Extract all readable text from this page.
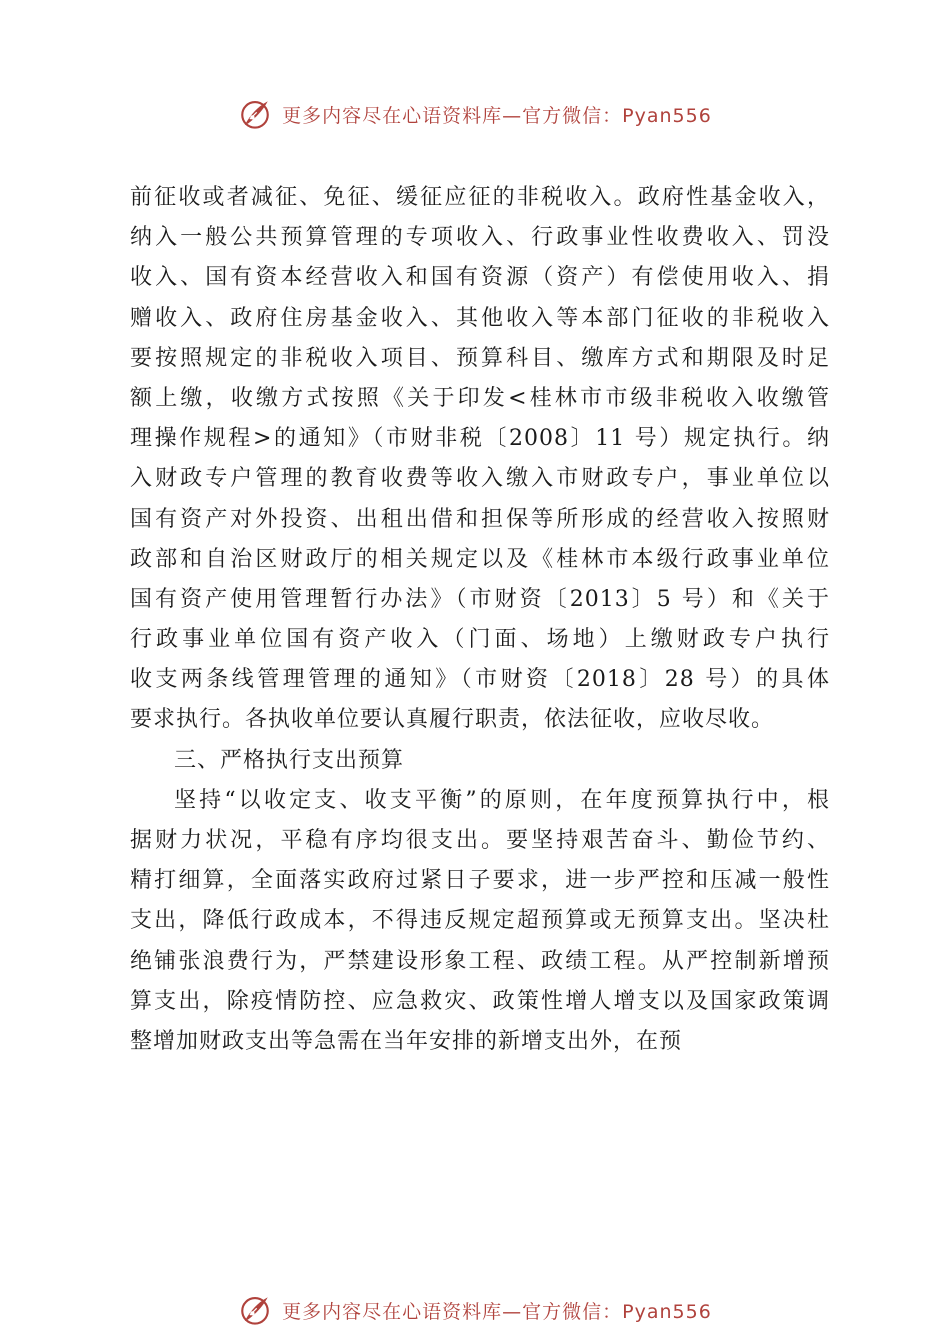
更多内容尽在心语资料库—官方微信：Pyan556
前征收或者减征、免征、缓征应征的非税收入。政府性基金收入，
纳入一般公共预算管理的专项收入、行政事业性收费收入、罚没
收入、国有资本经营收入和国有资源（资产）有偿使用收入、捐
赠收入、政府住房基金收入、其他收入等本部门征收的非税收入
要按照规定的非税收入项目、预算科目、缴库方式和期限及时足
额上缴，收缴方式按照《关于印发<桂林市市级非税收入收缴管
理操作规程>的通知》（市财非税〔2008〕11 号）规定执行。纳
入财政专户管理的教育收费等收入缴入市财政专户，事业单位以
国有资产对外投资、出租出借和担保等所形成的经营收入按照财
政部和自治区财政厅的相关规定以及《桂林市本级行政事业单位
国有资产使用管理暂行办法》（市财资〔2013〕5 号）和《关于
行政事业单位国有资产收入（门面、场地）上缴财政专户执行
收支两条线管理管理的通知》（市财资〔2018〕28 号）的具体
要求执行。各执收单位要认真履行职责，依法征收，应收尽收。
三、严格执行支出预算
坚持“以收定支、收支平衡”的原则，在年度预算执行中，根
据财力状况，平稳有序均很支出。要坚持艰苦奋斗、勤俭节约、
精打细算，全面落实政府过紧日子要求，进一步严控和压减一般性
支出，降低行政成本，不得违反规定超预算或无预算支出。坚决杜
绝铺张浪费行为，严禁建设形象工程、政绩工程。从严控制新增预
算支出，除疫情防控、应急救灾、政策性增人增支以及国家政策调
整增加财政支出等急需在当年安排的新增支出外，在预
更多内容尽在心语资料库—官方微信：Pyan556
